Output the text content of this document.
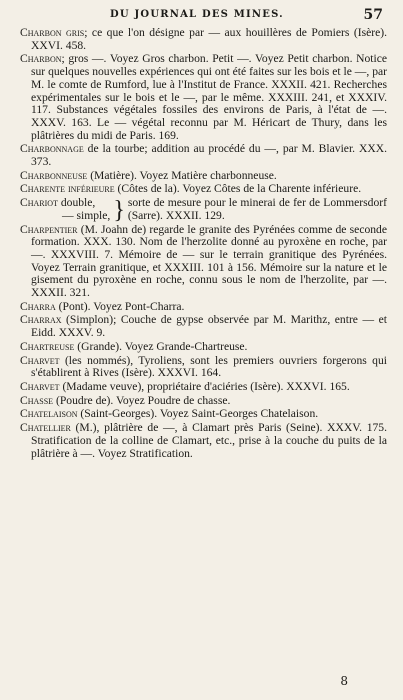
DU JOURNAL DES MINES.	57

Charbon gris; ce que l'on désigne par — aux houillères de Pomiers (Isère). XXVI. 458.

Charbon; gros —. Voyez Gros charbon. Petit —. Voyez Petit charbon. Notice sur quelques nouvelles expériences qui ont été faites sur les bois et le —, par M. le comte de Rumford, lue à l'Institut de France. XXXII. 421. Recherches expérimentales sur le bois et le —, par le même. XXXIII. 241, et XXXIV. 117. Substances végétales fossiles des environs de Paris, à l'état de —. XXXV. 163. Le — végétal reconnu par M. Héricart de Thury, dans les plâtrières du midi de Paris. 169.

Charbonnage de la tourbe; addition au procédé du —, par M. Blavier. XXX. 373.

Charbonneuse (Matière). Voyez Matière charbonneuse.

Charente inférieure (Côtes de la). Voyez Côtes de la Charente inférieure.

Chariot double,
— simple, } sorte de mesure pour le minerai de fer de Lommersdorf (Sarre). XXXII. 129.

Charpentier (M. Joahn de) regarde le granite des Pyrénées comme de seconde formation. XXX. 130. Nom de l'herzolite donné au pyroxène en roche, par —. XXXVIII. 7. Mémoire de — sur le terrain granitique des Pyrénées. Voyez Terrain granitique, et XXXIII. 101 à 156. Mémoire sur la nature et le gisement du pyroxène en roche, connu sous le nom de l'herzolite, par —. XXXII. 321.

Charra (Pont). Voyez Pont-Charra.

Charrax (Simplon); Couche de gypse observée par M. Marithz, entre — et Eidd. XXXV. 9.

Chartreuse (Grande). Voyez Grande-Chartreuse.

Charvet (les nommés), Tyroliens, sont les premiers ouvriers forgerons qui s'établirent à Rives (Isère). XXXVI. 164.

Charvet (Madame veuve), propriétaire d'aciéries (Isère). XXXVI. 165.

Chasse (Poudre de). Voyez Poudre de chasse.

Chatelaison (Saint-Georges). Voyez Saint-Georges Chatelaison.

Chatellier (M.), plâtrière de —, à Clamart près Paris (Seine). XXXV. 175. Stratification de la colline de Clamart, etc., prise à la couche du puits de la plâtrière à —. Voyez Stratification.

8
